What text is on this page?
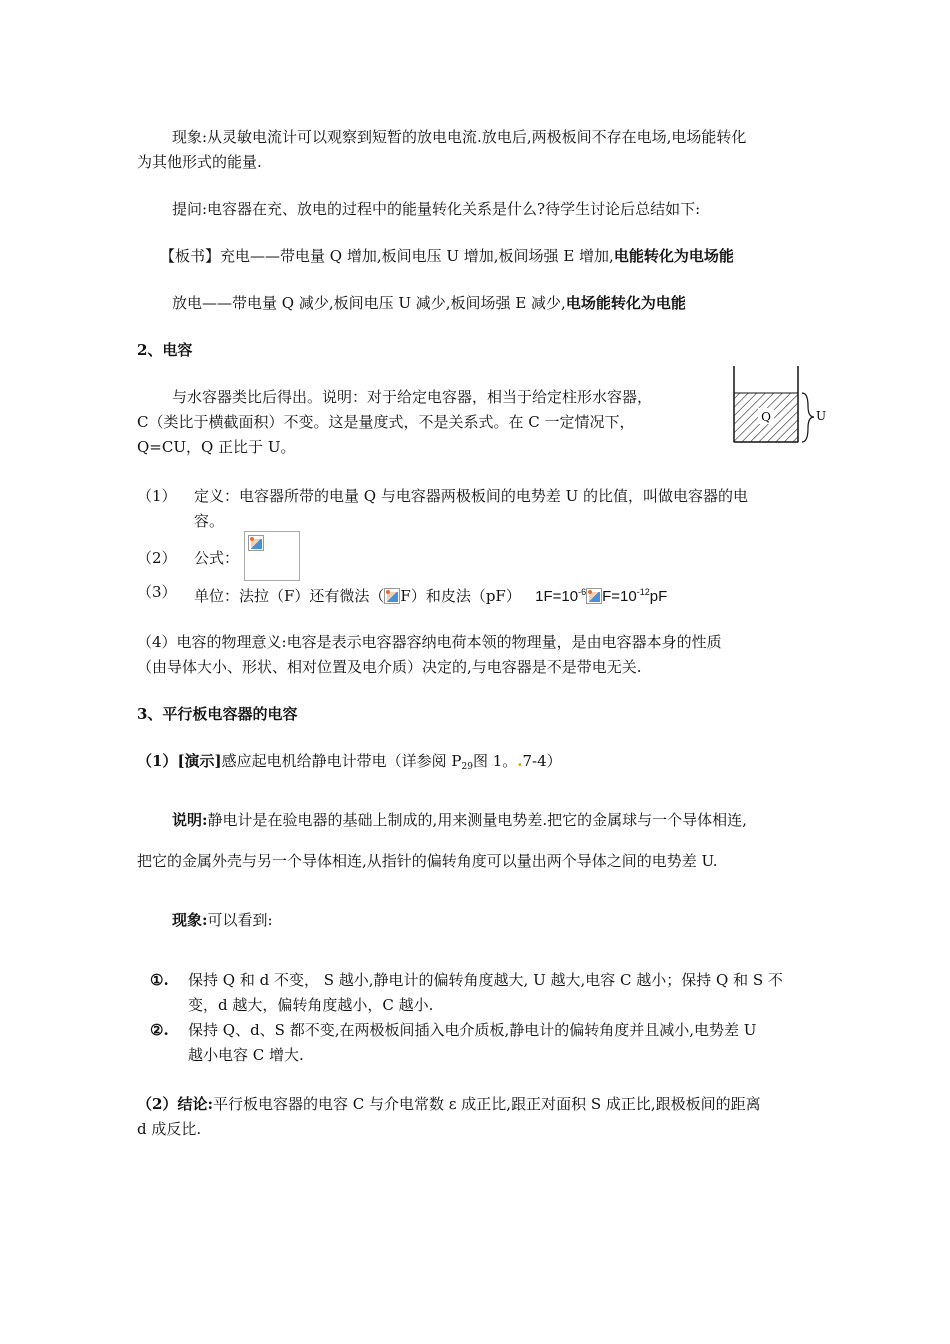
现象:从灵敏电流计可以观察到短暂的放电电流.放电后,两极板间不存在电场,电场能转化
为其他形式的能量.
提问:电容器在充、放电的过程中的能量转化关系是什么?待学生讨论后总结如下:
【板书】充电——带电量 Q 增加,板间电压 U 增加,板间场强 E 增加,电能转化为电场能
放电——带电量 Q 减少,板间电压 U 减少,板间场强 E 减少,电场能转化为电能
2、电容
与水容器类比后得出。说明：对于给定电容器，相当于给定柱形水容器，
C（类比于横截面积）不变。这是量度式，不是关系式。在 C 一定情况下，
Q=CU，Q 正比于 U。
Q	U
（1） 定义：电容器所带的电量 Q 与电容器两极板间的电势差 U 的比值，叫做电容器的电
容。
（2） 公式：
（3） 单位：法拉（F）还有微法（ F）和皮法（pF） $1F=10^{-6}$ $F=10^{-12}pF$
（4）电容的物理意义:电容是表示电容器容纳电荷本领的物理量，是由电容器本身的性质
（由导体大小、形状、相对位置及电介质）决定的,与电容器是不是带电无关.
3、平行板电容器的电容
（1）[演示]感应起电机给静电计带电（详参阅 $P_{29}$图 1。.7-4）
说明:静电计是在验电器的基础上制成的,用来测量电势差.把它的金属球与一个导体相连,
把它的金属外壳与另一个导体相连,从指针的偏转角度可以量出两个导体之间的电势差 U.
现象:可以看到:
①. 保持 Q 和 d 不变， S 越小,静电计的偏转角度越大, U 越大,电容 C 越小；保持 Q 和 S 不
变，d 越大，偏转角度越小，C 越小.
②. 保持 Q、d、S 都不变,在两极板间插入电介质板,静电计的偏转角度并且减小,电势差 U
越小电容 C 增大.
（2）结论:平行板电容器的电容 C 与介电常数 ε 成正比,跟正对面积 S 成正比,跟极板间的距离
d 成反比.
